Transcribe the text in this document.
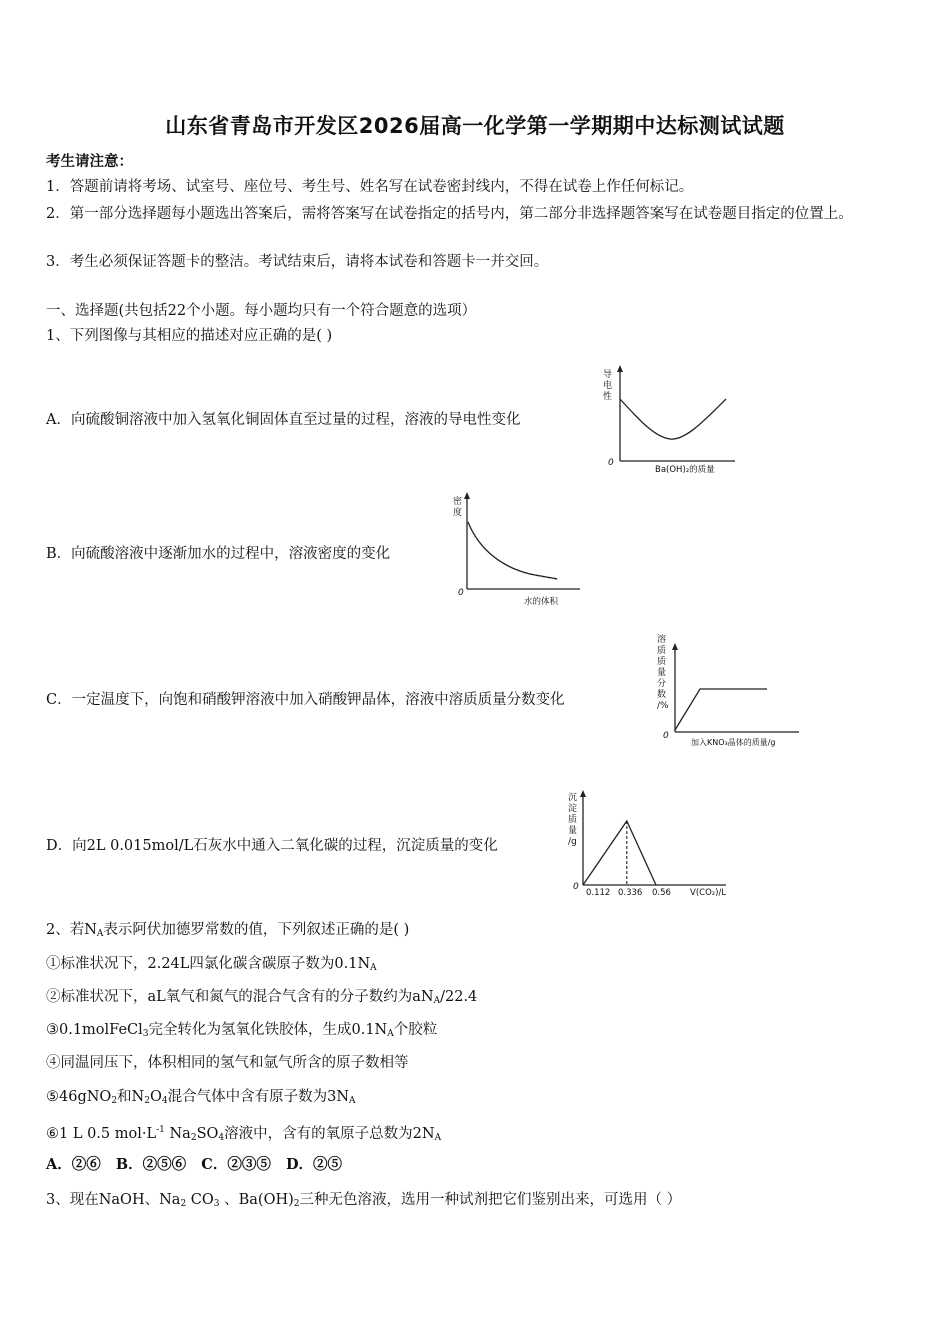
山东省青岛市开发区2026届高一化学第一学期期中达标测试试题
考生请注意：
1．答题前请将考场、试室号、座位号、考生号、姓名写在试卷密封线内，不得在试卷上作任何标记。
2．第一部分选择题每小题选出答案后，需将答案写在试卷指定的括号内，第二部分非选择题答案写在试卷题目指定的位置上。
3．考生必须保证答题卡的整洁。考试结束后，请将本试卷和答题卡一并交回。
一、选择题(共包括22个小题。每小题均只有一个符合题意的选项）
1、下列图像与其相应的描述对应正确的是( )
A．向硫酸铜溶液中加入氢氧化铜固体直至过量的过程，溶液的导电性变化
B．向硫酸溶液中逐渐加水的过程中，溶液密度的变化
C．一定温度下，向饱和硝酸钾溶液中加入硝酸钾晶体，溶液中溶质质量分数变化
D．向2L 0.015mol/L石灰水中通入二氧化碳的过程，沉淀质量的变化
导
电
性
0
Ba(OH)₂的质量
密
度
0
水的体积
溶
质
质
量
分
数
/%
0
加入KNO₃晶体的质量/g
沉
淀
质
量
/g
0
0.112 0.336 0.56 V(CO₂)/L
2、若$N_A$表示阿伏加德罗常数的值，下列叙述正确的是( )
①标准状况下，2.24L四氯化碳含碳原子数为$0.1N_A$
②标准状况下，aL氧气和氮气的混合气含有的分子数约为$aN_A/22.4$
③0.1molFeCl$_3$完全转化为氢氧化铁胶体，生成$0.1N_A$个胶粒
④同温同压下，体积相同的氢气和氩气所含的原子数相等
⑤46gNO$_2$和$N_2O_4$混合气体中含有原子数为$3N_A$
⑥1 L 0.5 $mol\cdot L^{-1}$ $Na_2SO_4$溶液中，含有的氧原子总数为$2N_A$
A．②⑥   B．②⑤⑥   C．②③⑤   D．②⑤
3、现在NaOH、$Na_2$ $CO_3$ 、$Ba(OH)_2$三种无色溶液，选用一种试剂把它们鉴别出来，可选用（ ）
